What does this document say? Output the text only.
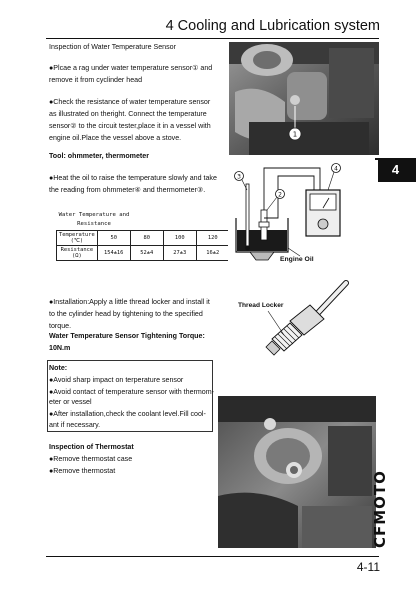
4 Cooling and Lubrication system
4
Inspection of Water Temperature Sensor
●Plcae a rag under water temperature sensor① and
remove it from cyclinder head
●Check the resistance of water temperature sensor
as illustrated on theright. Connect the temperature
sensor② to the circuit tester,place it in a vessel with
engine oil.Place the vessel above a stove.
Tool: ohmmeter, thermometer
●Heat the oil to raise the temperature slowly and take
the reading from ohmmeter④ and thermometer③.
Water Temperature and
Resistance
Temperature
(℃)	50	80	100	120

Resistance
(Ω)	154±16	52±4	27±3	16±2
●Installation:Apply a little thread locker and install it
to the cylinder head by tightening to the specified
torque.
Water Temperature Sensor Tightening Torque:
10N.m
Note:
●Avoid sharp impact on terperature sensor
●Avoid contact of temperature sensor with thermom-
eter or vessel
●After installation,check the coolant level.Fill cool-
ant if necessary.
Inspection of Thermostat
●Remove thermostat case
●Remove thermostat
1
3
2
4
Engine Oil
Thread Locker
CFMOTO
4-11
